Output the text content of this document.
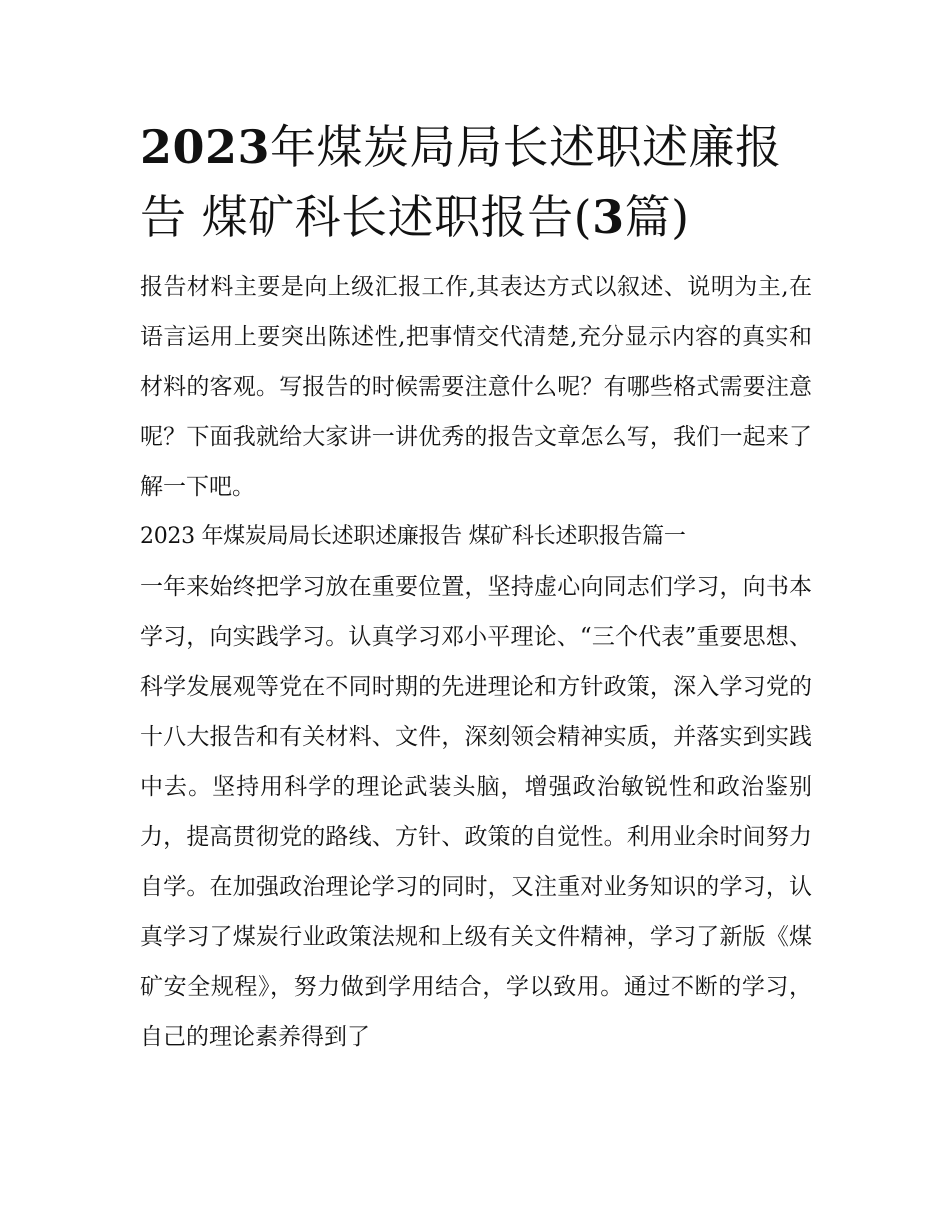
2023年煤炭局局长述职述廉报
告 煤矿科长述职报告(3篇)

报告材料主要是向上级汇报工作,其表达方式以叙述、说明为主,在语言运用上要突出陈述性,把事情交代清楚,充分显示内容的真实和材料的客观。写报告的时候需要注意什么呢？有哪些格式需要注意呢？下面我就给大家讲一讲优秀的报告文章怎么写，我们一起来了解一下吧。

2023 年煤炭局局长述职述廉报告 煤矿科长述职报告篇一

一年来始终把学习放在重要位置，坚持虚心向同志们学习，向书本学习，向实践学习。认真学习邓小平理论、“三个代表”重要思想、科学发展观等党在不同时期的先进理论和方针政策，深入学习党的十八大报告和有关材料、文件，深刻领会精神实质，并落实到实践中去。坚持用科学的理论武装头脑，增强政治敏锐性和政治鉴别力，提高贯彻党的路线、方针、政策的自觉性。利用业余时间努力自学。在加强政治理论学习的同时，又注重对业务知识的学习，认真学习了煤炭行业政策法规和上级有关文件精神，学习了新版《煤矿安全规程》，努力做到学用结合，学以致用。通过不断的学习，自己的理论素养得到了
